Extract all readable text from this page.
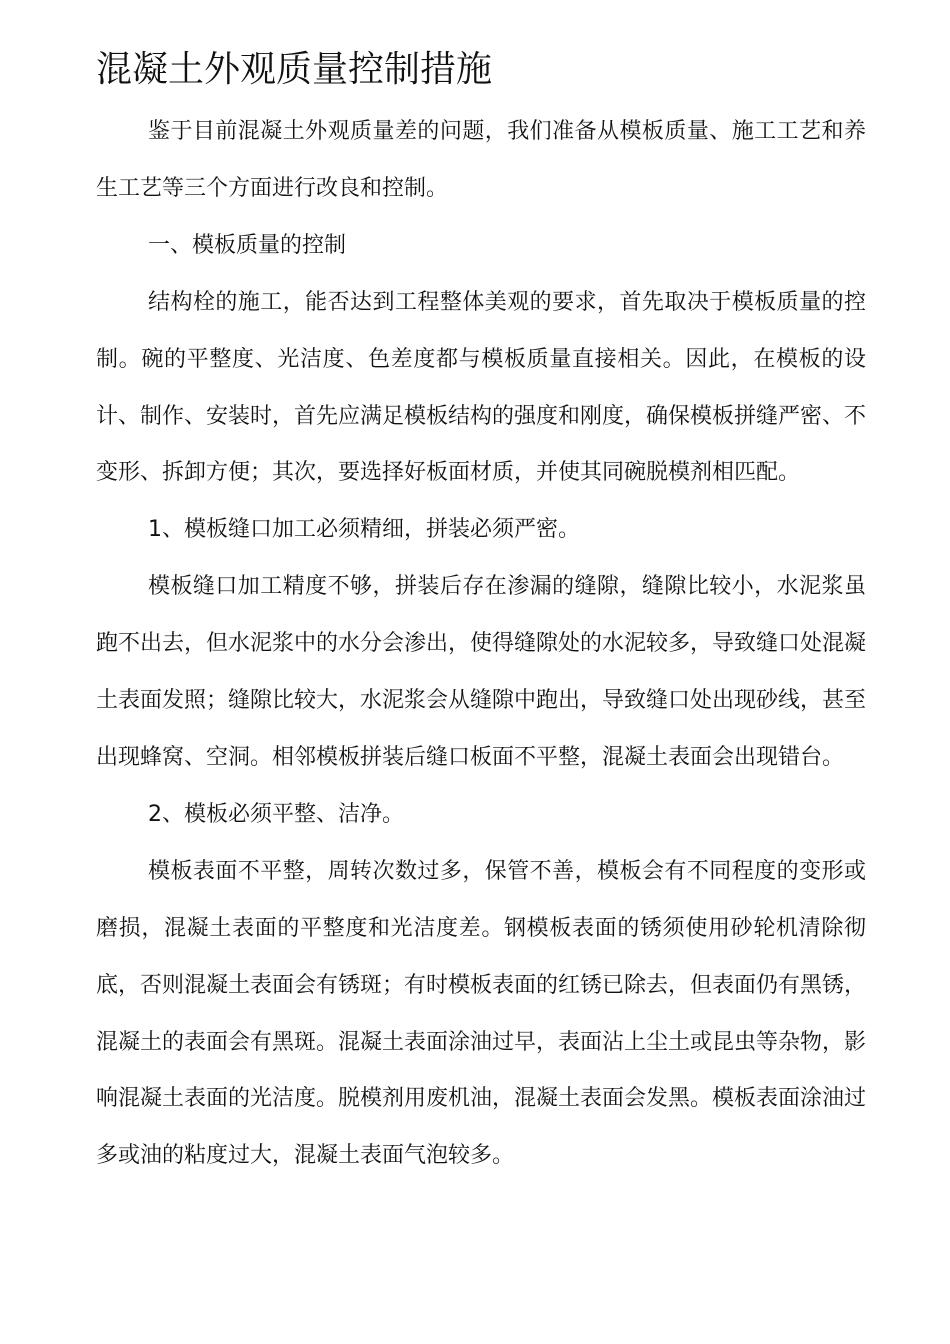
混凝土外观质量控制措施

鉴于目前混凝土外观质量差的问题，我们准备从模板质量、施工工艺和养生工艺等三个方面进行改良和控制。

一、模板质量的控制

结构栓的施工，能否达到工程整体美观的要求，首先取决于模板质量的控制。碗的平整度、光洁度、色差度都与模板质量直接相关。因此，在模板的设计、制作、安装时，首先应满足模板结构的强度和刚度，确保模板拼缝严密、不变形、拆卸方便；其次，要选择好板面材质，并使其同碗脱模剂相匹配。

1、模板缝口加工必须精细，拼装必须严密。

模板缝口加工精度不够，拼装后存在渗漏的缝隙，缝隙比较小，水泥浆虽跑不出去，但水泥浆中的水分会渗出，使得缝隙处的水泥较多，导致缝口处混凝土表面发照；缝隙比较大，水泥浆会从缝隙中跑出，导致缝口处出现砂线，甚至出现蜂窝、空洞。相邻模板拼装后缝口板面不平整，混凝土表面会出现错台。

2、模板必须平整、洁净。

模板表面不平整，周转次数过多，保管不善，模板会有不同程度的变形或磨损，混凝土表面的平整度和光洁度差。钢模板表面的锈须使用砂轮机清除彻底，否则混凝土表面会有锈斑；有时模板表面的红锈已除去，但表面仍有黑锈，混凝土的表面会有黑斑。混凝土表面涂油过早，表面沾上尘土或昆虫等杂物，影响混凝土表面的光洁度。脱模剂用废机油，混凝土表面会发黑。模板表面涂油过多或油的粘度过大，混凝土表面气泡较多。
